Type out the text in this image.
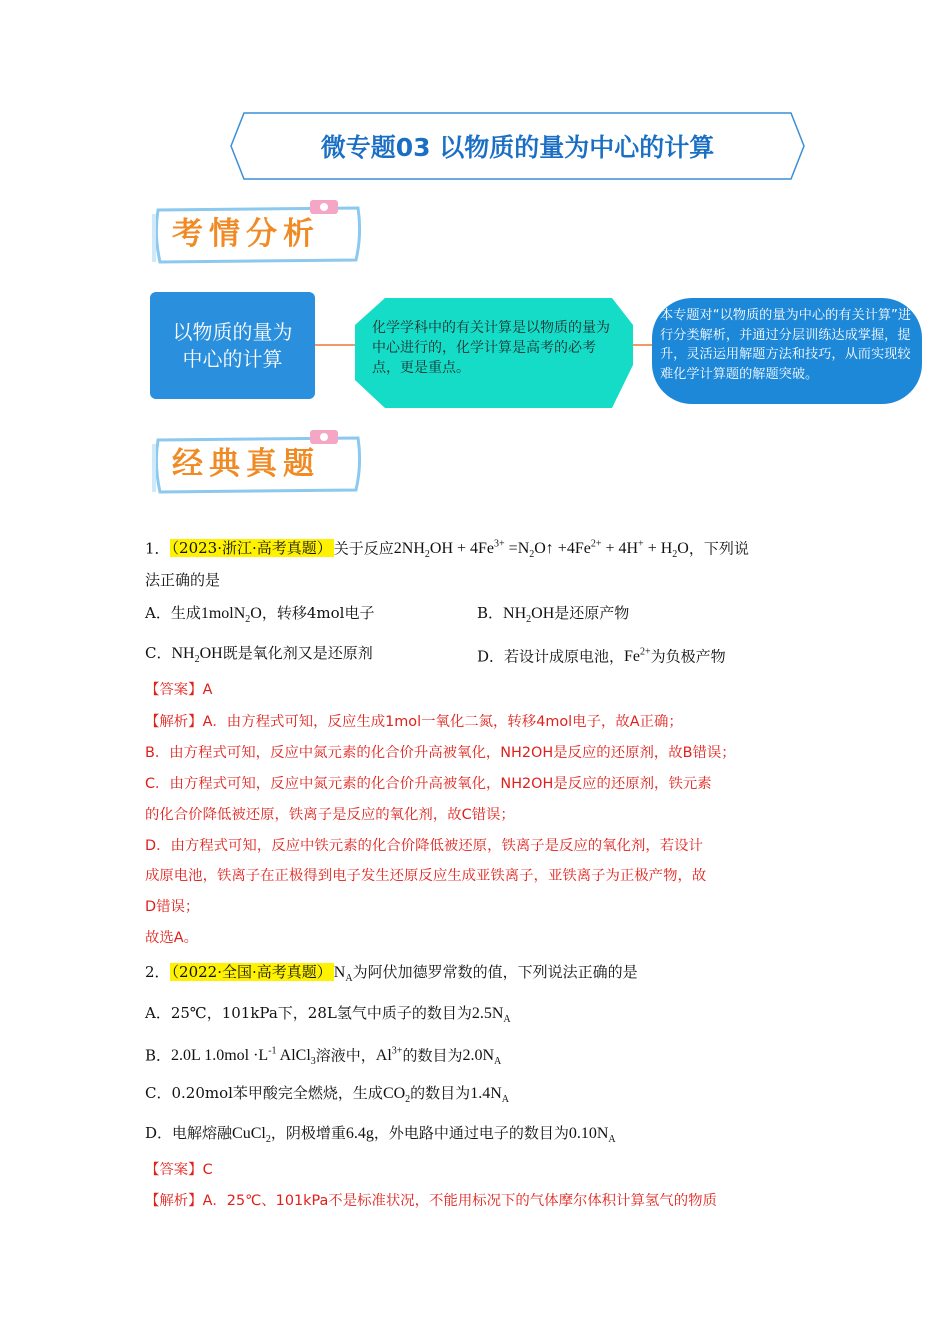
微专题03 以物质的量为中心的计算
考情分析
以物质的量为中心的计算
化学学科中的有关计算是以物质的量为中心进行的，化学计算是高考的必考点，更是重点。
本专题对“以物质的量为中心的有关计算”进行分类解析，并通过分层训练达成掌握，提升，灵活运用解题方法和技巧，从而实现较难化学计算题的解题突破。
经典真题
1． （2023·浙江·高考真题） 关于反应$2NH_2OH + 4Fe^{3+}$ $=N_2O↑ +4Fe^{2+} + 4H^+ + H_2O$，下列说
法正确的是
A．生成1molN$_2$O，转移4mol电子	B．$NH_2OH$是还原产物
C．$NH_2OH$既是氧化剂又是还原剂	D．若设计成原电池，$Fe^{2+}$为负极产物
【答案】A
【解析】A．由方程式可知，反应生成1mol一氧化二氮，转移4mol电子，故A正确；
B．由方程式可知，反应中氮元素的化合价升高被氧化，NH2OH是反应的还原剂，故B错误；
C．由方程式可知，反应中氮元素的化合价升高被氧化，NH2OH是反应的还原剂，铁元素
的化合价降低被还原，铁离子是反应的氧化剂，故C错误；
D．由方程式可知，反应中铁元素的化合价降低被还原，铁离子是反应的氧化剂，若设计
成原电池，铁离子在正极得到电子发生还原反应生成亚铁离子，亚铁离子为正极产物，故
D错误；
故选A。
2． （2022·全国·高考真题） $N_A$为阿伏加德罗常数的值，下列说法正确的是
A．25℃，101kPa下，28L氢气中质子的数目为$2.5N_A$
B．2.0L $1.0mol \cdot L^{-1}$ AlCl$_3$溶液中，$Al^{3+}$的数目为$2.0N_A$
C．0.20mol苯甲酸完全燃烧，生成$CO_2$的数目为$1.4N_A$
D．电解熔融CuCl$_2$，阴极增重6.4g，外电路中通过电子的数目为$0.10N_A$
【答案】C
【解析】A．25℃、101kPa不是标准状况，不能用标况下的气体摩尔体积计算氢气的物质
